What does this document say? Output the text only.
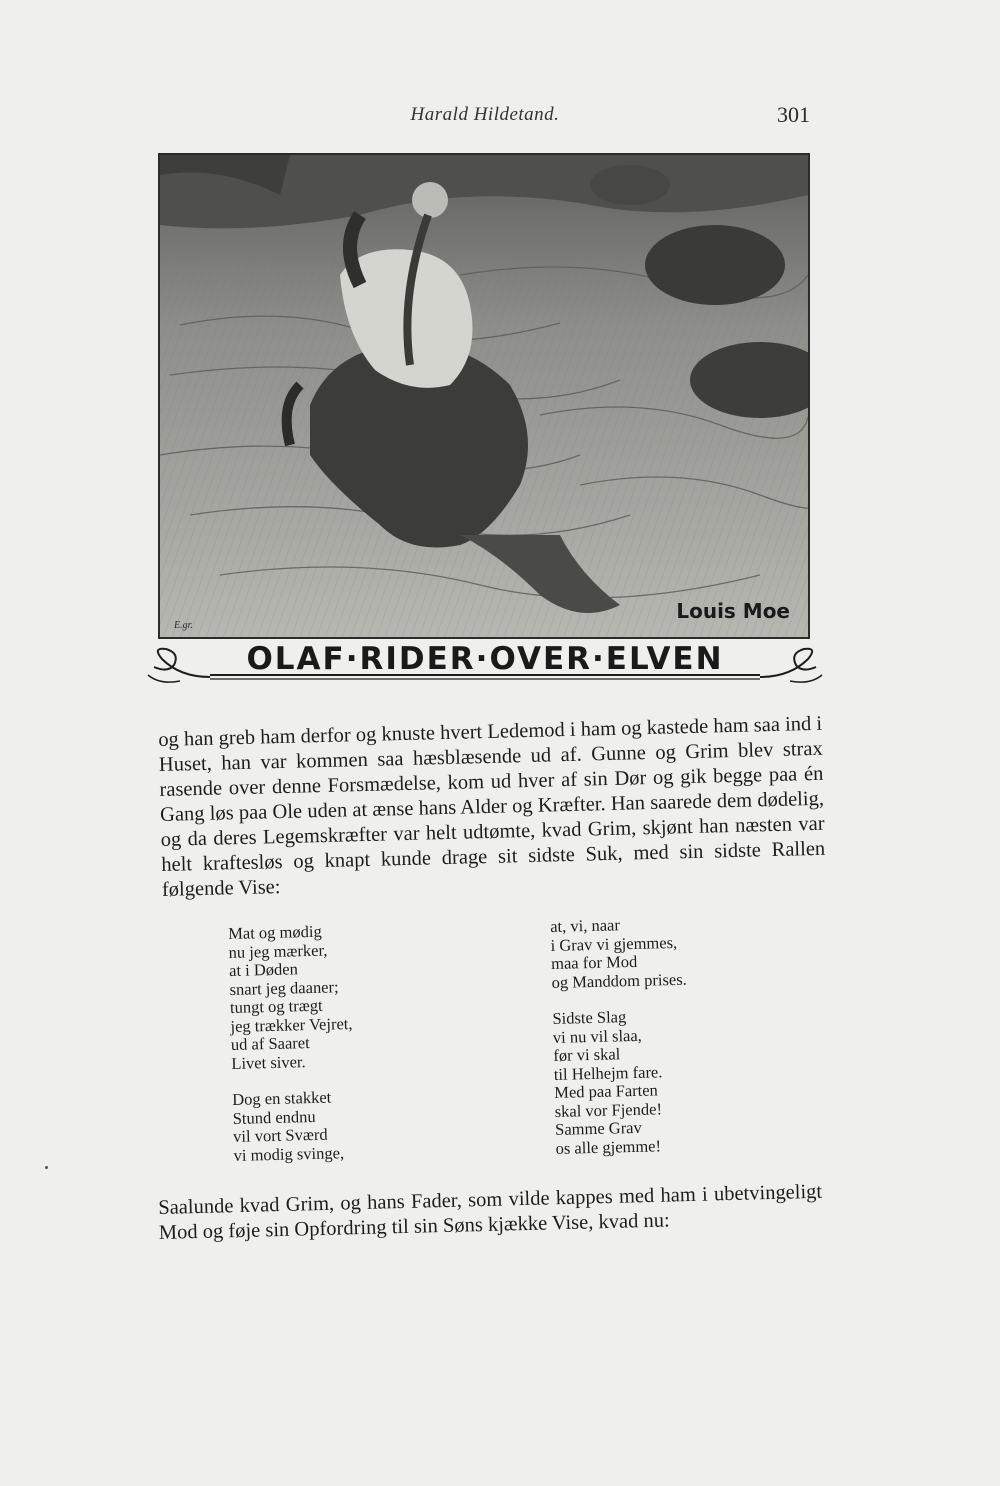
Harald Hildetand.	301
Louis Moe
E.gr.
OLAF·RIDER·OVER·ELVEN

og han greb ham derfor og knuste hvert Ledemod i ham og kastede ham saa ind i Huset, han var kommen saa hæsblæsende ud af. Gunne og Grim blev strax rasende over denne Forsmædelse, kom ud hver af sin Dør og gik begge paa én Gang løs paa Ole uden at ænse hans Alder og Kræfter. Han saarede dem dødelig, og da deres Legemskræfter var helt udtømte, kvad Grim, skjønt han næsten var helt kraftesløs og knapt kunde drage sit sidste Suk, med sin sidste Rallen følgende Vise:

Mat og mødig
nu jeg mærker,
at i Døden
snart jeg daaner;
tungt og trægt
jeg trækker Vejret,
ud af Saaret
Livet siver.
Dog en stakket
Stund endnu
vil vort Sværd
vi modig svinge,
at, vi, naar
i Grav vi gjemmes,
maa for Mod
og Manddom prises.
Sidste Slag
vi nu vil slaa,
før vi skal
til Helhejm fare.
Med paa Farten
skal vor Fjende!
Samme Grav
os alle gjemme!

Saalunde kvad Grim, og hans Fader, som vilde kappes med ham i ubetvingeligt Mod og føje sin Opfordring til sin Søns kjække Vise, kvad nu:
